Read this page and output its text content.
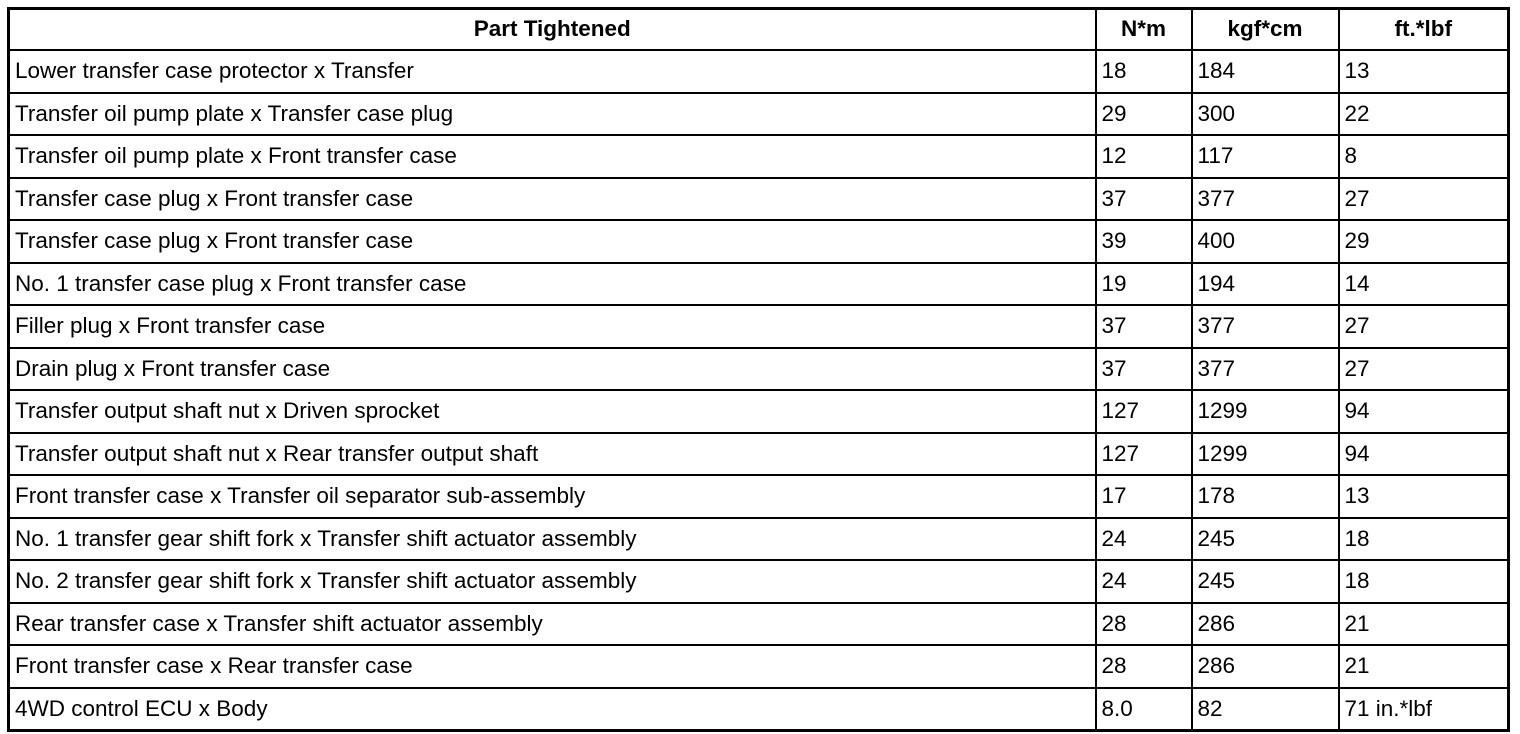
Part Tightened	N*m	kgf*cm	ft.*lbf
Lower transfer case protector x Transfer	18	184	13
Transfer oil pump plate x Transfer case plug	29	300	22
Transfer oil pump plate x Front transfer case	12	117	8
Transfer case plug x Front transfer case	37	377	27
Transfer case plug x Front transfer case	39	400	29
No. 1 transfer case plug x Front transfer case	19	194	14
Filler plug x Front transfer case	37	377	27
Drain plug x Front transfer case	37	377	27
Transfer output shaft nut x Driven sprocket	127	1299	94
Transfer output shaft nut x Rear transfer output shaft	127	1299	94
Front transfer case x Transfer oil separator sub-assembly	17	178	13
No. 1 transfer gear shift fork x Transfer shift actuator assembly	24	245	18
No. 2 transfer gear shift fork x Transfer shift actuator assembly	24	245	18
Rear transfer case x Transfer shift actuator assembly	28	286	21
Front transfer case x Rear transfer case	28	286	21
4WD control ECU x Body	8.0	82	71 in.*lbf
